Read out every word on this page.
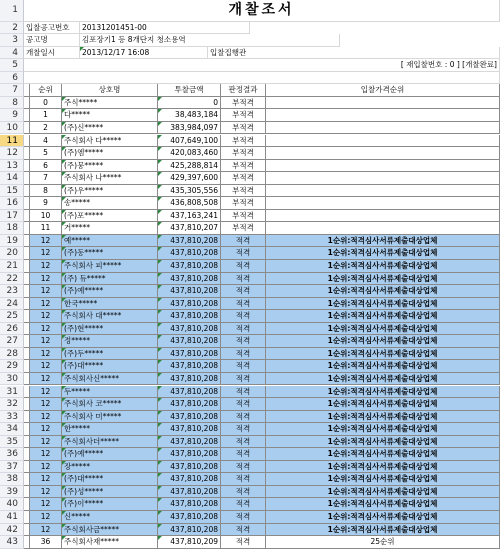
1	개찰조서
2	입찰공고번호	20131201451-00
3	공고명	김포장기1 등 8개단지 청소용역
4	개찰일시	2013/12/17 16:08	입찰집행관
5	[ 재입찰번호 : 0 ] [개찰완료]
6
7	순위	상호명	투찰금액	판정결과	입찰가격순위
8	0	주식*****	0	부적격
9	1	다*****	38,483,184	부적격
10	2	(주)신*****	383,984,097	부적격
11	4	주식회사 다*****	407,649,100	부적격
12	5	(주)엠*****	420,083,460	부적격
13	6	(주)뭉*****	425,288,814	부적격
14	7	주식회사 나*****	429,397,600	부적격
15	8	(주)우*****	435,305,556	부적격
16	9	송*****	436,808,508	부적격
17	10	(주)포*****	437,163,241	부적격
18	11	거*****	437,810,207	부적격
19	12	예*****	437,810,208	적격	1순위:적격심사서류제출대상업체
20	12	(주)동*****	437,810,208	적격	1순위:적격심사서류제출대상업체
21	12	주식회사 피*****	437,810,208	적격	1순위:적격심사서류제출대상업체
22	12	(주) 듀*****	437,810,208	적격	1순위:적격심사서류제출대상업체
23	12	(주)예*****	437,810,208	적격	1순위:적격심사서류제출대상업체
24	12	한국*****	437,810,208	적격	1순위:적격심사서류제출대상업체
25	12	주식회사 대*****	437,810,208	적격	1순위:적격심사서류제출대상업체
26	12	(주)현*****	437,810,208	적격	1순위:적격심사서류제출대상업체
27	12	정*****	437,810,208	적격	1순위:적격심사서류제출대상업체
28	12	(주)두*****	437,810,208	적격	1순위:적격심사서류제출대상업체
29	12	(주)대*****	437,810,208	적격	1순위:적격심사서류제출대상업체
30	12	주식회사신*****	437,810,208	적격	1순위:적격심사서류제출대상업체
31	12	두*****	437,810,208	적격	1순위:적격심사서류제출대상업체
32	12	주식회사 코*****	437,810,208	적격	1순위:적격심사서류제출대상업체
33	12	주식회사 미*****	437,810,208	적격	1순위:적격심사서류제출대상업체
34	12	한*****	437,810,208	적격	1순위:적격심사서류제출대상업체
35	12	주식회사더*****	437,810,208	적격	1순위:적격심사서류제출대상업체
36	12	(주)예*****	437,810,208	적격	1순위:적격심사서류제출대상업체
37	12	장*****	437,810,208	적격	1순위:적격심사서류제출대상업체
38	12	(주)대*****	437,810,208	적격	1순위:적격심사서류제출대상업체
39	12	(주)성*****	437,810,208	적격	1순위:적격심사서류제출대상업체
40	12	(주)이*****	437,810,208	적격	1순위:적격심사서류제출대상업체
41	12	신*****	437,810,208	적격	1순위:적격심사서류제출대상업체
42	12	주식회사금*****	437,810,208	적격	1순위:적격심사서류제출대상업체
43	36	주식회사재*****	437,810,209	적격	25순위
